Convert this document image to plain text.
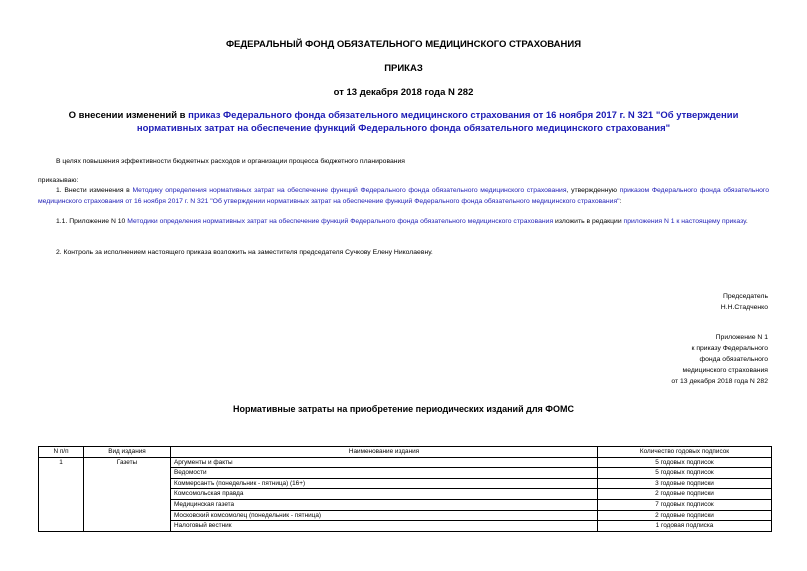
ФЕДЕРАЛЬНЫЙ ФОНД ОБЯЗАТЕЛЬНОГО МЕДИЦИНСКОГО СТРАХОВАНИЯ
ПРИКАЗ
от 13 декабря 2018 года N 282
О внесении изменений в приказ Федерального фонда обязательного медицинского страхования от 16 ноября 2017 г. N 321 "Об утверждении нормативных затрат на обеспечение функций Федерального фонда обязательного медицинского страхования"
В целях повышения эффективности бюджетных расходов и организации процесса бюджетного планирования
приказываю:
1. Внести изменения в Методику определения нормативных затрат на обеспечение функций Федерального фонда обязательного медицинского страхования, утвержденную приказом Федерального фонда обязательного медицинского страхования от 16 ноября 2017 г. N 321 "Об утверждении нормативных затрат на обеспечение функций Федерального фонда обязательного медицинского страхования":
1.1. Приложение N 10 Методики определения нормативных затрат на обеспечение функций Федерального фонда обязательного медицинского страхования изложить в редакции приложения N 1 к настоящему приказу.
2. Контроль за исполнением настоящего приказа возложить на заместителя председателя Сучкову Елену Николаевну.
Председатель
Н.Н.Стадченко
Приложение N 1
к приказу Федерального
фонда обязательного
медицинского страхования
от 13 декабря 2018 года N 282
Нормативные затраты на приобретение периодических изданий для ФОМС
N п/п	Вид издания	Наименование издания	Количество годовых подписок
1	Газеты	Аргументы и факты	5 годовых подписок
		Ведомости	5 годовых подписок
		Коммерсантъ (понедельник - пятница) (16+)	3 годовые подписки
		Комсомольская правда	2 годовые подписки
		Медицинская газета	7 годовых подписок
		Московский комсомолец (понедельник - пятница)	2 годовые подписки
		Налоговый вестник	1 годовая подписка
